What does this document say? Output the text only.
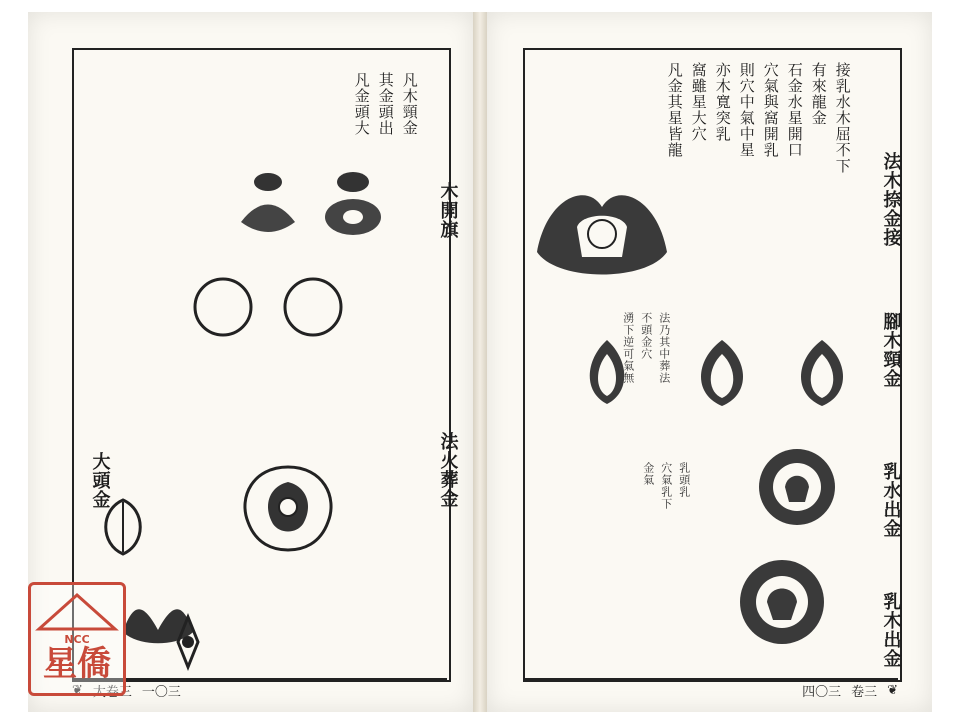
凡木頸金
其金頭出
凡金頭大
木開旗
法火葬金
大頭金
❦ 大卷三 一〇三
法木捺金接
腳木頸金
乳水出金
乳木出金
接乳水木屈不下
有來龍金
石金水星開口
穴氣與窩開乳
則穴中氣中星
亦木寬突乳
窩雖星大穴
凡金其星皆龍
法乃其中葬法
不頭金穴
湧下逆可氣無
乳頭乳
穴氣乳下
金氣
四〇三 卷三 ❦
NCC
星僑
